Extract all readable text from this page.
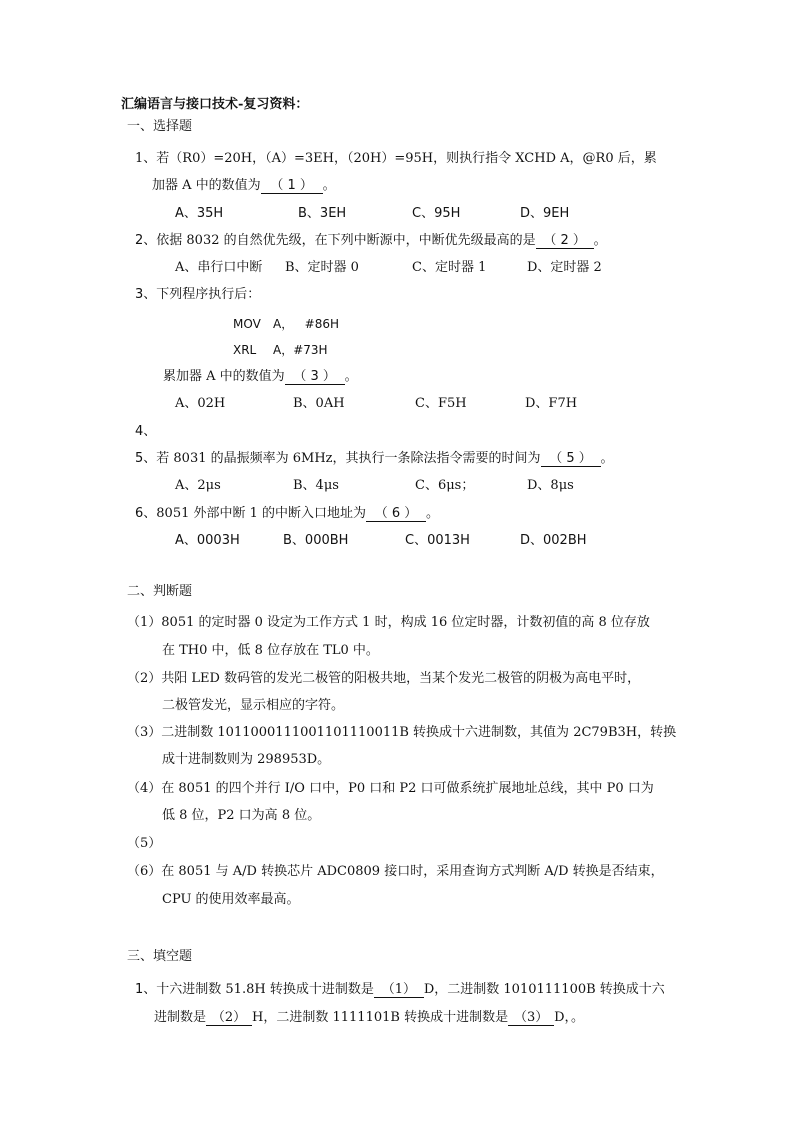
汇编语言与接口技术-复习资料：
一、选择题
1、若（R0）=20H，（A）=3EH，（20H）=95H，则执行指令 XCHD A，@R0 后，累
加器 A 中的数值为 （ 1 ） 。
A、35H	B、3EH	C、95H	D、9EH
2、依据 8032 的自然优先级，在下列中断源中，中断优先级最高的是 （ 2 ） 。
A、串行口中断 B、定时器 0	C、定时器 1	D、定时器 2
3、下列程序执行后：
MOV A，   #86H
XRL A，#73H
累加器 A 中的数值为 （ 3 ） 。
A、02H	B、0AH	C、F5H	D、F7H
4、
5、若 8031 的晶振频率为 6MHz，其执行一条除法指令需要的时间为 （ 5 ） 。
A、2μs	B、4μs	C、6μs；	D、8μs
6、8051 外部中断 1 的中断入口地址为 （ 6 ） 。
A、0003H	B、000BH	C、0013H	D、002BH
二、判断题
（1）8051 的定时器 0 设定为工作方式 1 时，构成 16 位定时器，计数初值的高 8 位存放
在 TH0 中，低 8 位存放在 TL0 中。
（2）共阳 LED 数码管的发光二极管的阳极共地，当某个发光二极管的阴极为高电平时，
二极管发光，显示相应的字符。
（3）二进制数 1011000111001101110011B 转换成十六进制数，其值为 2C79B3H，转换
成十进制数则为 298953D。
（4）在 8051 的四个并行 I/O 口中，P0 口和 P2 口可做系统扩展地址总线，其中 P0 口为
低 8 位，P2 口为高 8 位。
（5）
（6）在 8051 与 A/D 转换芯片 ADC0809 接口时，采用查询方式判断 A/D 转换是否结束，
CPU 的使用效率最高。
三、填空题
1、十六进制数 51.8H 转换成十进制数是 （1） D，二进制数 1010111100B 转换成十六
进制数是 （2） H，二进制数 1111101B 转换成十进制数是 （3） D，。
